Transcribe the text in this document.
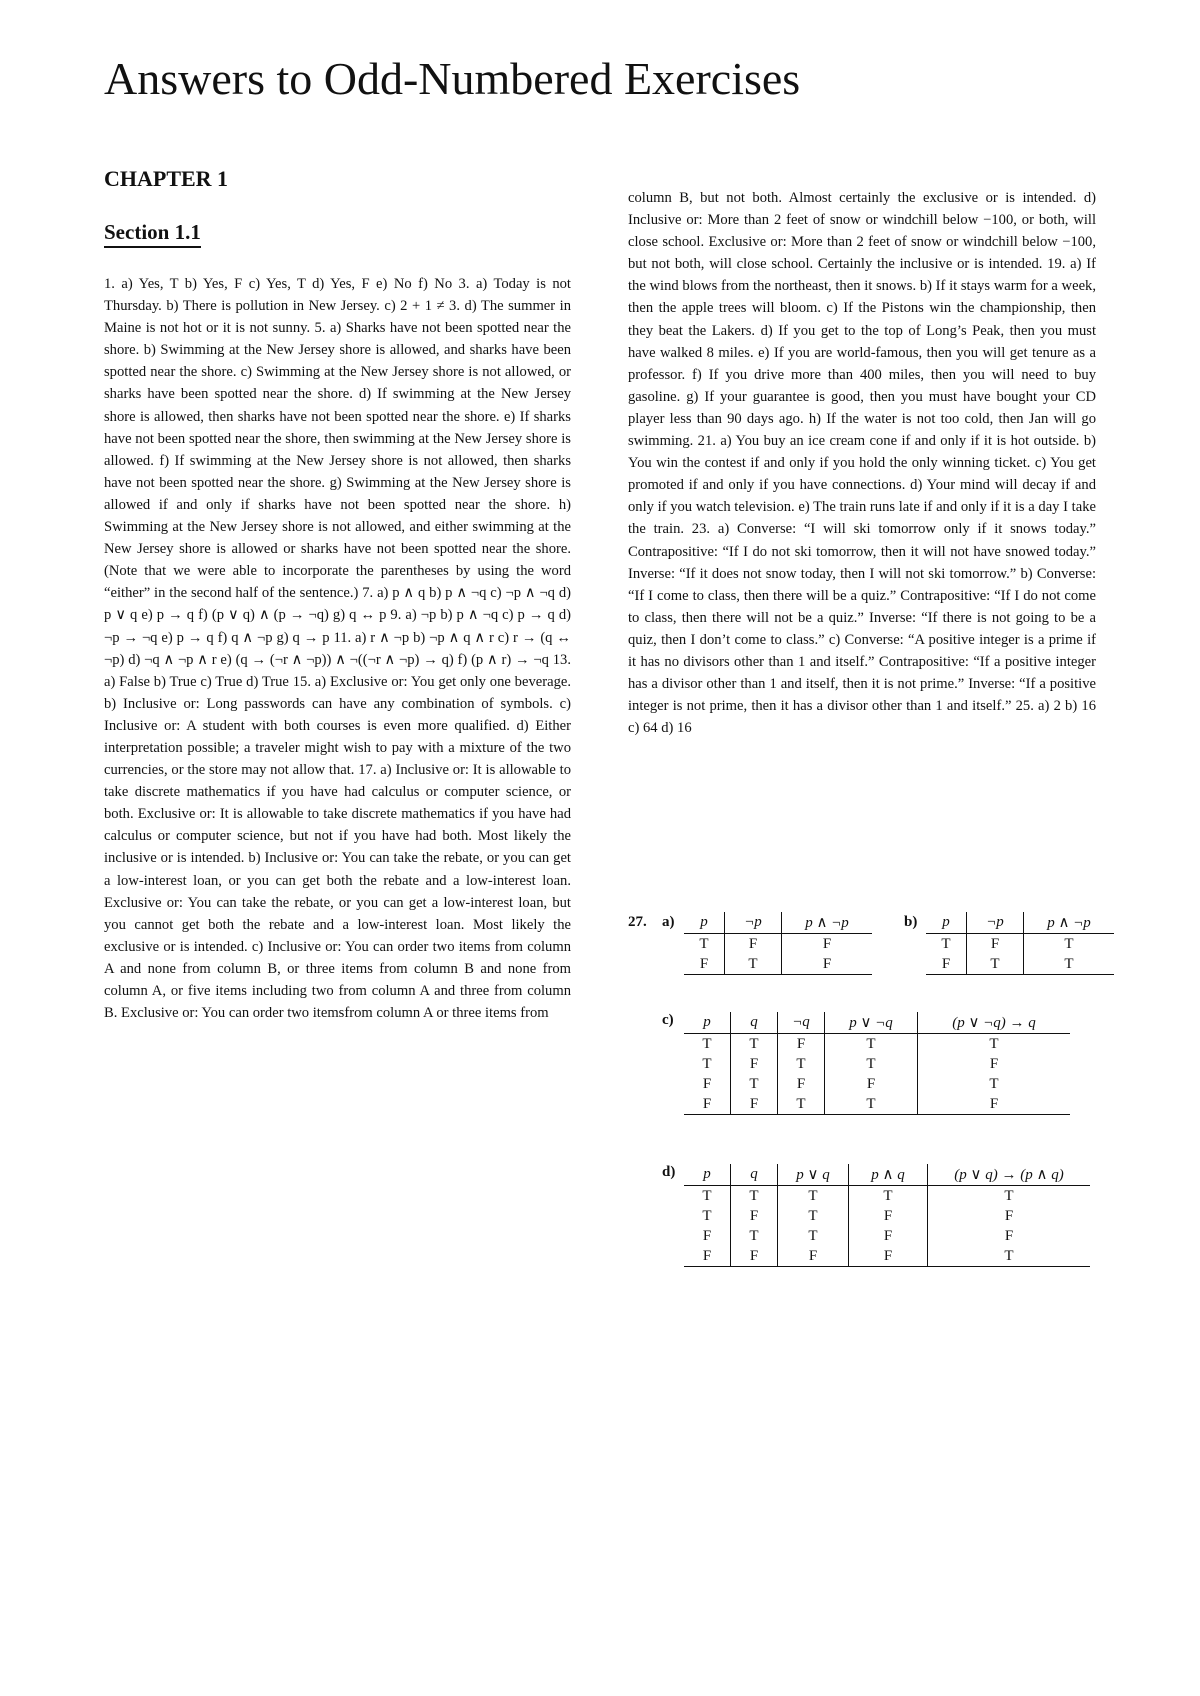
Answers to Odd-Numbered Exercises
CHAPTER 1
Section 1.1

1. a) Yes, T b) Yes, F c) Yes, T d) Yes, F e) No f) No 3. a) Today is not Thursday. b) There is pollution in New Jersey. c) 2 + 1 ≠ 3. d) The summer in Maine is not hot or it is not sunny. 5. a) Sharks have not been spotted near the shore. b) Swimming at the New Jersey shore is allowed, and sharks have been spotted near the shore. c) Swimming at the New Jersey shore is not allowed, or sharks have been spotted near the shore. d) If swimming at the New Jersey shore is allowed, then sharks have not been spotted near the shore. e) If sharks have not been spotted near the shore, then swimming at the New Jersey shore is allowed. f) If swimming at the New Jersey shore is not allowed, then sharks have not been spotted near the shore. g) Swimming at the New Jersey shore is allowed if and only if sharks have not been spotted near the shore. h) Swimming at the New Jersey shore is not allowed, and either swimming at the New Jersey shore is allowed or sharks have not been spotted near the shore. (Note that we were able to incorporate the parentheses by using the word “either” in the second half of the sentence.) 7. a) p ∧ q b) p ∧ ¬q c) ¬p ∧ ¬q d) p ∨ q e) p → q f) (p ∨ q) ∧ (p → ¬q) g) q ↔ p 9. a) ¬p b) p ∧ ¬q c) p → q d) ¬p → ¬q e) p → q f) q ∧ ¬p g) q → p 11. a) r ∧ ¬p b) ¬p ∧ q ∧ r c) r → (q ↔ ¬p) d) ¬q ∧ ¬p ∧ r e) (q → (¬r ∧ ¬p)) ∧ ¬((¬r ∧ ¬p) → q) f) (p ∧ r) → ¬q 13. a) False b) True c) True d) True 15. a) Exclusive or: You get only one beverage. b) Inclusive or: Long passwords can have any combination of symbols. c) Inclusive or: A student with both courses is even more qualified. d) Either interpretation possible; a traveler might wish to pay with a mixture of the two currencies, or the store may not allow that. 17. a) Inclusive or: It is allowable to take discrete mathematics if you have had calculus or computer science, or both. Exclusive or: It is allowable to take discrete mathematics if you have had calculus or computer science, but not if you have had both. Most likely the inclusive or is intended. b) Inclusive or: You can take the rebate, or you can get a low-interest loan, or you can get both the rebate and a low-interest loan. Exclusive or: You can take the rebate, or you can get a low-interest loan, but you cannot get both the rebate and a low-interest loan. Most likely the exclusive or is intended. c) Inclusive or: You can order two items from column A and none from column B, or three items from column B and none from column A, or five items including two from column A and three from column B. Exclusive or: You can order two itemsfrom column A or three items from

column B, but not both. Almost certainly the exclusive or is intended. d) Inclusive or: More than 2 feet of snow or windchill below −100, or both, will close school. Exclusive or: More than 2 feet of snow or windchill below −100, but not both, will close school. Certainly the inclusive or is intended. 19. a) If the wind blows from the northeast, then it snows. b) If it stays warm for a week, then the apple trees will bloom. c) If the Pistons win the championship, then they beat the Lakers. d) If you get to the top of Long’s Peak, then you must have walked 8 miles. e) If you are world-famous, then you will get tenure as a professor. f) If you drive more than 400 miles, then you will need to buy gasoline. g) If your guarantee is good, then you must have bought your CD player less than 90 days ago. h) If the water is not too cold, then Jan will go swimming. 21. a) You buy an ice cream cone if and only if it is hot outside. b) You win the contest if and only if you hold the only winning ticket. c) You get promoted if and only if you have connections. d) Your mind will decay if and only if you watch television. e) The train runs late if and only if it is a day I take the train. 23. a) Converse: “I will ski tomorrow only if it snows today.” Contrapositive: “If I do not ski tomorrow, then it will not have snowed today.” Inverse: “If it does not snow today, then I will not ski tomorrow.” b) Converse: “If I come to class, then there will be a quiz.” Contrapositive: “If I do not come to class, then there will not be a quiz.” Inverse: “If there is not going to be a quiz, then I don’t come to class.” c) Converse: “A positive integer is a prime if it has no divisors other than 1 and itself.” Contrapositive: “If a positive integer has a divisor other than 1 and itself, then it is not prime.” Inverse: “If a positive integer is not prime, then it has a divisor other than 1 and itself.” 25. a) 2 b) 16 c) 64 d) 16

27. a) p	¬p	p ∧ ¬p
T	F	F
F	T	F
b) p	¬p	p ∧ ¬p
T	F	T
F	T	T
c) p	q	¬q	p ∨ ¬q	(p ∨ ¬q) → q
T	T	F	T	T
T	F	T	T	F
F	T	F	F	T
F	F	T	T	F
d) p	q	p ∨ q	p ∧ q	(p ∨ q) → (p ∧ q)
T	T	T	T	T
T	F	T	F	F
F	T	T	F	F
F	F	F	F	T
